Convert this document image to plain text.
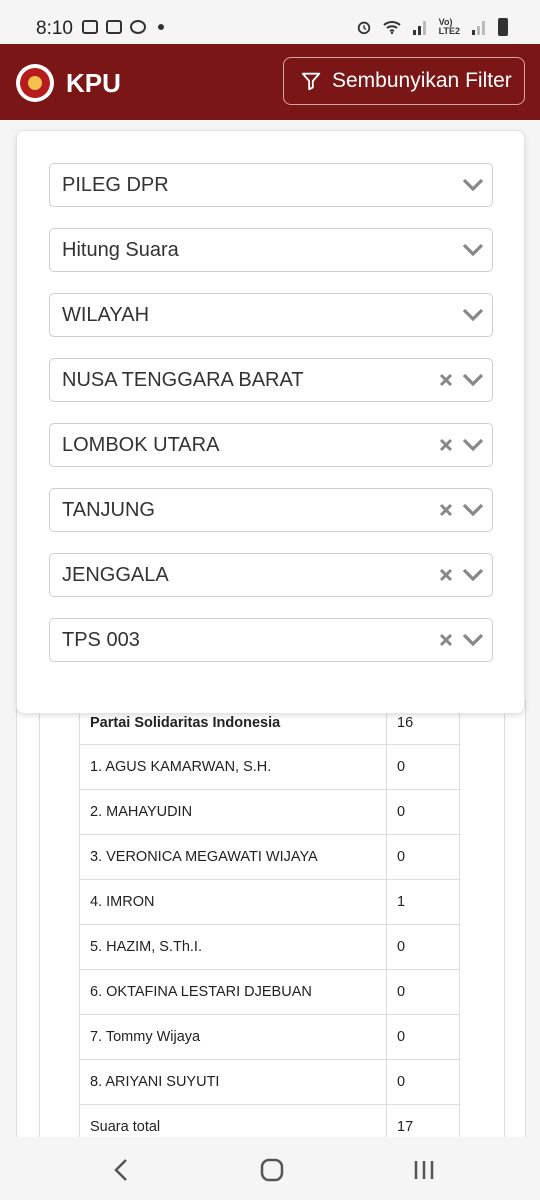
8:10	Vo)
LTE2
KPU	Sembunyikan Filter
	Partai Solidaritas Indonesia	16
	1. AGUS KAMARWAN, S.H.	0
	2. MAHAYUDIN	0
	3. VERONICA MEGAWATI WIJAYA	0
	4. IMRON	1
	5. HAZIM, S.Th.I.	0
	6. OKTAFINA LESTARI DJEBUAN	0
	7. Tommy Wijaya	0
	8. ARIYANI SUYUTI	0
	Suara total	17
PILEG DPR
Hitung Suara
WILAYAH
NUSA TENGGARA BARAT
LOMBOK UTARA
TANJUNG
JENGGALA
TPS 003
